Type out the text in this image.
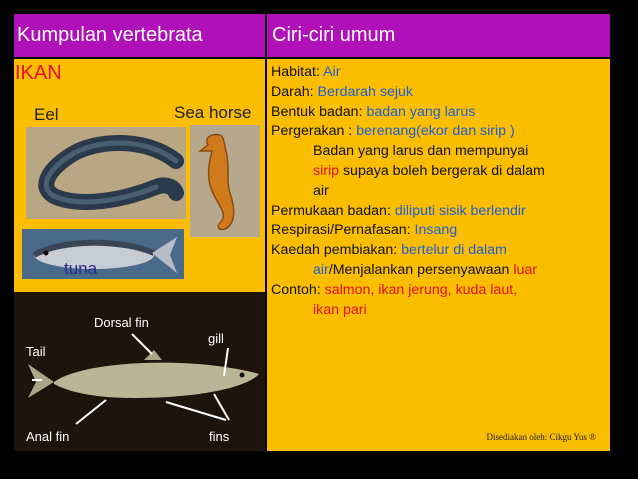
Kumpulan vertebrata	Ciri-ciri umum
IKAN
Eel	Sea horse
tuna
Dorsal fin
gill
Tail
Anal fin	fins
Habitat: Air
Darah: Berdarah sejuk
Bentuk badan: badan yang larus
Pergerakan : berenang(ekor dan sirip )
Badan yang larus dan mempunyai
sirip supaya boleh bergerak di dalam
air
Permukaan badan: diliputi sisik berlendir
Respirasi/Pernafasan: Insang
Kaedah pembiakan: bertelur di dalam
air/Menjalankan persenyawaan luar
Contoh: salmon, ikan jerung, kuda laut,
ikan pari
Disediakan oleh: Cikgu Yus ®
